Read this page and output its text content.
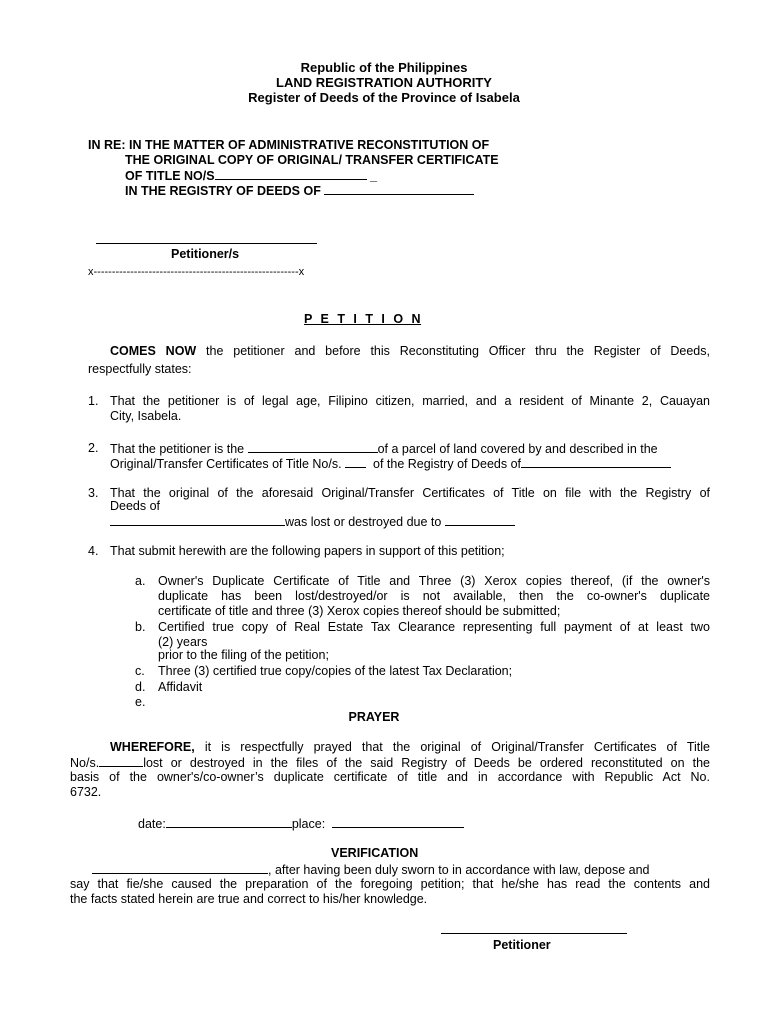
Republic of the Philippines

LAND REGISTRATION AUTHORITY

Register of Deeds of the Province of Isabela

IN RE: IN THE MATTER OF ADMINISTRATIVE RECONSTITUTION OF

THE ORIGINAL COPY OF ORIGINAL/ TRANSFER CERTIFICATE

OF TITLE NO/S	_

IN THE REGISTRY OF DEEDS OF

Petitioner/s

x--------------------------------------------------------x

P  E  T  I  T  I  O  N

COMES NOW the petitioner and before this Reconstituting Officer thru the Register of Deeds,

respectfully states:

1. That the petitioner is of legal age, Filipino citizen, married, and a resident of Minante 2, Cauayan

City, Isabela.

2. That the petitioner is the	of a parcel of land covered by and described in the

Original/Transfer Certificates of Title No/s.	of the Registry of Deeds of

3. That the original of the aforesaid Original/Transfer Certificates of Title on file with the Registry of

Deeds of

was lost or destroyed due to

4. That submit herewith are the following papers in support of this petition;

a. Owner's Duplicate Certificate of Title and Three (3) Xerox copies thereof, (if the owner's

duplicate has been lost/destroyed/or is not available, then the co-owner's duplicate

certificate of title and three (3) Xerox copies thereof should be submitted;

b. Certified true copy of Real Estate Tax Clearance representing full payment of at least two

(2) years

prior to the filing of the petition;

c. Three (3) certified true copy/copies of the latest Tax Declaration;

d. Affidavit

e.

PRAYER

WHEREFORE, it is respectfully prayed that the original of Original/Transfer Certificates of Title

No/s.	lost or destroyed in the files of the said Registry of Deeds be ordered reconstituted on the

basis of the owner's/co-owner’s duplicate certificate of title and in accordance with Republic Act No.

6732.

date:	place:

VERIFICATION

, after having been duly sworn to in accordance with law, depose and

say that fie/she caused the preparation of the foregoing petition; that he/she has read the contents and

the facts stated herein are true and correct to his/her knowledge.

Petitioner
